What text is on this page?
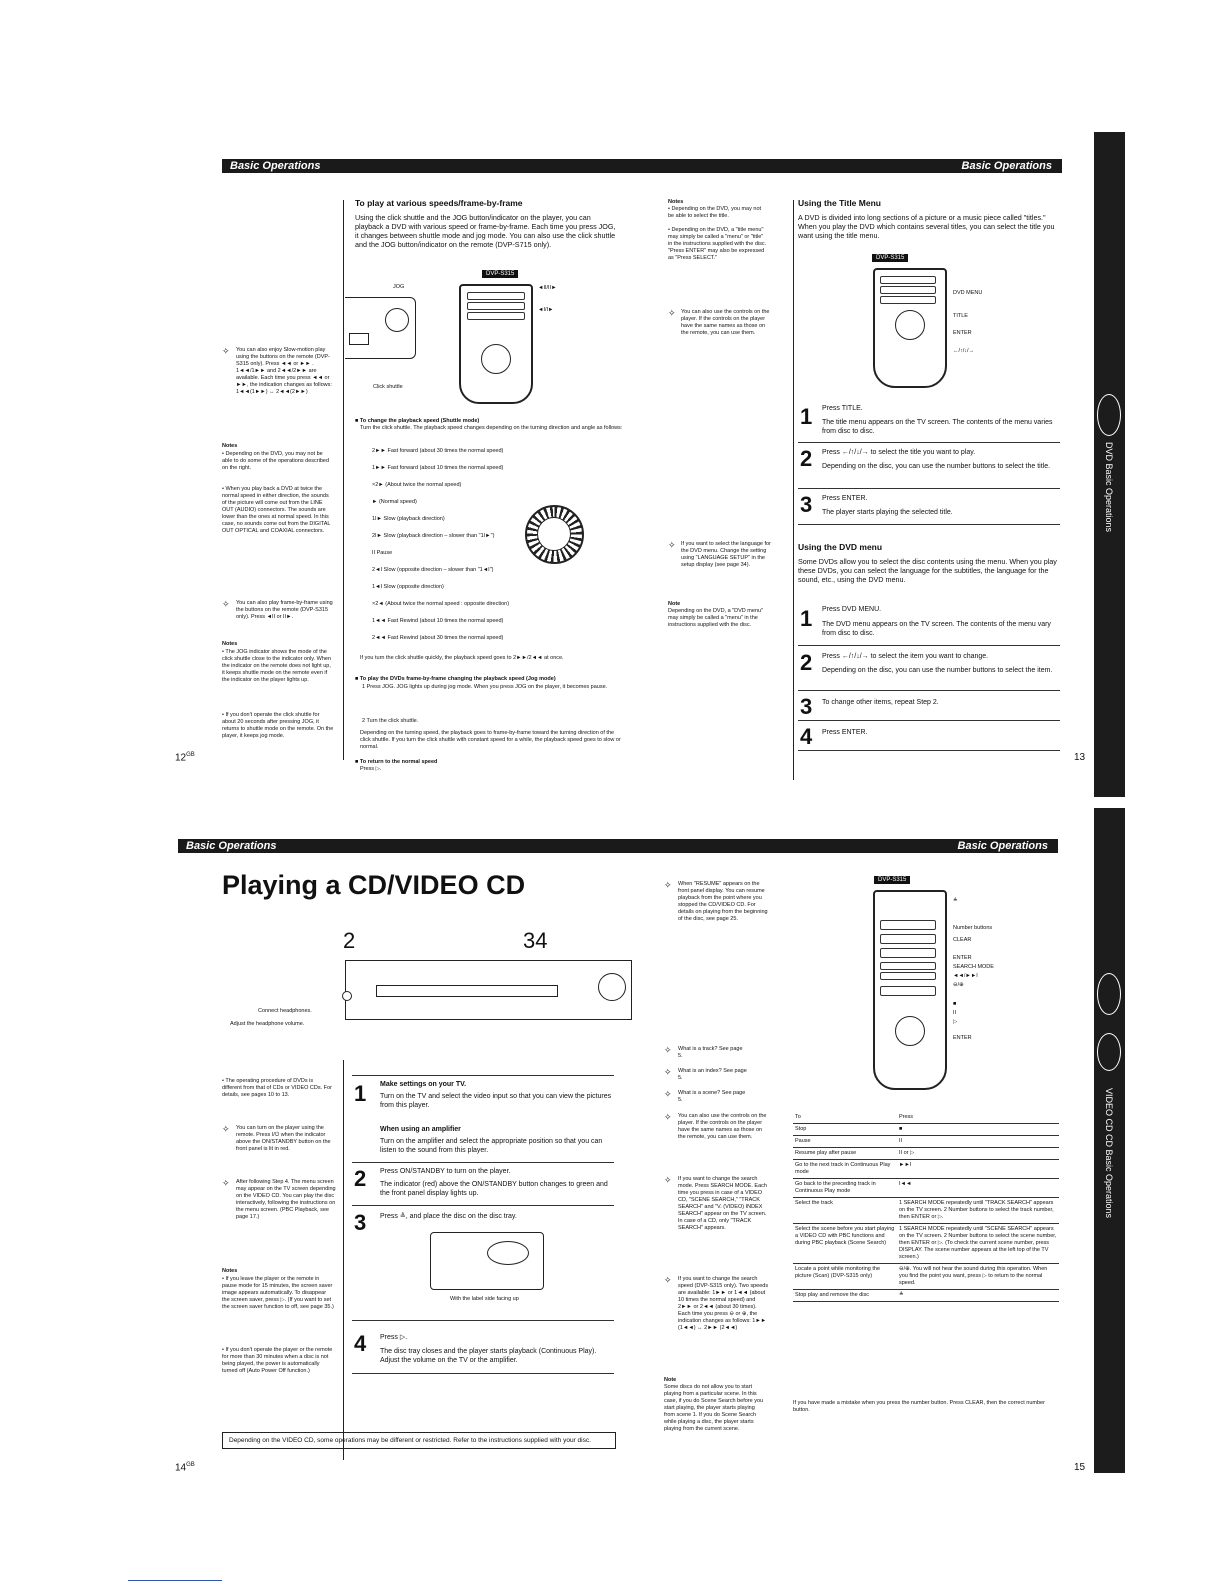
Basic Operations	Basic Operations
✧	You can also enjoy Slow-motion play using the buttons on the remote (DVP-S315 only). Press ◄◄ or ►► . 1◄◄/1►► and 2◄◄/2►► are available. Each time you press ◄◄ or ►►, the indication changes as follows: 1◄◄(1►►) ↔ 2◄◄(2►►)
Notes
• Depending on the DVD, you may not be able to do some of the operations described on the right.
• When you play back a DVD at twice the normal speed in either direction, the sounds of the picture will come out from the LINE OUT (AUDIO) connectors. The sounds are lower than the ones at normal speed. In this case, no sounds come out from the DIGITAL OUT OPTICAL and COAXIAL connectors.
✧	You can also play frame-by-frame using the buttons on the remote (DVP-S315 only). Press ◄II or II►.
Notes
• The JOG indicator shows the mode of the click shuttle close to the indicator only. When the indicator on the remote does not light up, it keeps shuttle mode on the remote even if the indicator on the player lights up.
• If you don't operate the click shuttle for about 20 seconds after pressing JOG, it returns to shuttle mode on the remote. On the player, it keeps jog mode.
$12^{GB}$
To play at various speeds/frame-by-frame
Using the click shuttle and the JOG button/indicator on the player, you can playback a DVD with various speed or frame-by-frame. Each time you press JOG, it changes between shuttle mode and jog mode. You can also use the click shuttle and the JOG button/indicator on the remote (DVP-S715 only).
DVP-S315
JOG
Click shuttle
◄II/II►
◄I/I►
■ To change the playback speed (Shuttle mode)
Turn the click shuttle. The playback speed changes depending on the turning direction and angle as follows:
2►► Fast forward (about 30 times the normal speed)
1►► Fast forward (about 10 times the normal speed)
×2► (About twice the normal speed)
► (Normal speed)
1I► Slow (playback direction)
2I► Slow (playback direction – slower than "1I►")
II Pause
2◄I Slow (opposite direction – slower than "1◄I")
1◄I Slow (opposite direction)
×2◄ (About twice the normal speed : opposite direction)
1◄◄ Fast Rewind (about 10 times the normal speed)
2◄◄ Fast Rewind (about 30 times the normal speed)
If you turn the click shuttle quickly, the playback speed goes to 2►►/2◄◄ at once.
■ To play the DVDs frame-by-frame changing the playback speed (Jog mode)
1 Press JOG. JOG lights up during jog mode. When you press JOG on the player, it becomes pause.
2 Turn the click shuttle.
Depending on the turning speed, the playback goes to frame-by-frame toward the turning direction of the click shuttle. If you turn the click shuttle with constant speed for a while, the playback speed goes to slow or normal.
■ To return to the normal speed
Press ▷.
Notes
• Depending on the DVD, you may not be able to select the title.
• Depending on the DVD, a "title menu" may simply be called a "menu" or "title" in the instructions supplied with the disc. "Press ENTER" may also be expressed as "Press SELECT."
✧ You can also use the controls on the player. If the controls on the player have the same names as those on the remote, you can use them.
✧ If you want to select the language for the DVD menu. Change the setting using "LANGUAGE SETUP" in the setup display (see page 34).
Note
Depending on the DVD, a "DVD menu" may simply be called a "menu" in the instructions supplied with the disc.
Using the Title Menu
A DVD is divided into long sections of a picture or a music piece called "titles." When you play the DVD which contains several titles, you can select the title you want using the title menu.
DVP-S315
DVD MENU
TITLE
ENTER
←/↑/↓/→
1 Press TITLE.
The title menu appears on the TV screen. The contents of the menu varies from disc to disc.
2 Press ←/↑/↓/→ to select the title you want to play.
Depending on the disc, you can use the number buttons to select the title.
3 Press ENTER.
The player starts playing the selected title.
Using the DVD menu
Some DVDs allow you to select the disc contents using the menu. When you play these DVDs, you can select the language for the subtitles, the language for the sound, etc., using the DVD menu.
1 Press DVD MENU.
The DVD menu appears on the TV screen. The contents of the menu vary from disc to disc.
2 Press ←/↑/↓/→ to select the item you want to change.
Depending on the disc, you can use the number buttons to select the item.
3 To change other items, repeat Step 2.
4 Press ENTER.
13
DVD Basic Operations
Basic Operations	Basic Operations
Playing a CD/VIDEO CD
2	34
Connect headphones.
Adjust the headphone volume.
• The operating procedure of DVDs is different from that of CDs or VIDEO CDs. For details, see pages 10 to 13.
✧	You can turn on the player using the remote. Press I/⏻ when the indicator above the ON/STANDBY button on the front panel is lit in red.
✧	After following Step 4. The menu screen may appear on the TV screen depending on the VIDEO CD. You can play the disc interactively, following the instructions on the menu screen. (PBC Playback, see page 17.)
Notes
• If you leave the player or the remote in pause mode for 15 minutes, the screen saver image appears automatically. To disappear the screen saver, press ▷. (If you want to set the screen saver function to off, see page 35.)
• If you don't operate the player or the remote for more than 30 minutes when a disc is not being played, the power is automatically turned off (Auto Power Off function.)
1 Make settings on your TV.
Turn on the TV and select the video input so that you can view the pictures from this player.
When using an amplifier
Turn on the amplifier and select the appropriate position so that you can listen to the sound from this player.
2 Press ON/STANDBY to turn on the player.
The indicator (red) above the ON/STANDBY button changes to green and the front panel display lights up.
3 Press ≜, and place the disc on the disc tray.
With the label side facing up
4 Press ▷.
The disc tray closes and the player starts playback (Continuous Play). Adjust the volume on the TV or the amplifier.
Depending on the VIDEO CD, some operations may be different or restricted. Refer to the instructions supplied with your disc.
$14^{GB}$
✧	When "RESUME" appears on the front panel display. You can resume playback from the point where you stopped the CD/VIDEO CD. For details on playing from the beginning of the disc, see page 25.
✧	What is a track? See page 5.
✧	What is an index? See page 5.
✧	What is a scene? See page 5.
✧	You can also use the controls on the player. If the controls on the player have the same names as those on the remote, you can use them.
✧	If you want to change the search mode. Press SEARCH MODE. Each time you press in case of a VIDEO CD, "SCENE SEARCH," "TRACK SEARCH" and "V. (VIDEO) INDEX SEARCH" appear on the TV screen. In case of a CD, only "TRACK SEARCH" appears.
✧	If you want to change the search speed (DVP-S315 only). Two speeds are available: 1►► or 1◄◄ (about 10 times the normal speed) and 2►► or 2◄◄ (about 30 times). Each time you press ⊖ or ⊕, the indication changes as follows: 1►► (1◄◄) ↔ 2►► (2◄◄)
Note
Some discs do not allow you to start playing from a particular scene. In this case, if you do Scene Search before you start playing, the player starts playing from scene 1. If you do Scene Search while playing a disc, the player starts playing from the current scene.
DVP-S315
≜
Number buttons
CLEAR
ENTER
SEARCH MODE
◄◄/►►I
⊖/⊕
■
II
▷
ENTER
To	Press
Stop	■
Pause	II
Resume play after pause	II or ▷
Go to the next track in Continuous Play mode	►►I
Go back to the preceding track in Continuous Play mode	I◄◄
Select the track	1 SEARCH MODE repeatedly until "TRACK SEARCH" appears on the TV screen. 2 Number buttons to select the track number, then ENTER or ▷.
Select the scene before you start playing a VIDEO CD with PBC functions and during PBC playback (Scene Search)	1 SEARCH MODE repeatedly until "SCENE SEARCH" appears on the TV screen. 2 Number buttons to select the scene number, then ENTER or ▷. (To check the current scene number, press DISPLAY. The scene number appears at the left top of the TV screen.)
Locate a point while monitoring the picture (Scan) (DVP-S315 only)	⊖/⊕. You will not hear the sound during this operation. When you find the point you want, press ▷ to return to the normal speed.
Stop play and remove the disc	≜
If you have made a mistake when you press the number button. Press CLEAR, then the correct number button.
15
VIDEO CD CD Basic Operations
